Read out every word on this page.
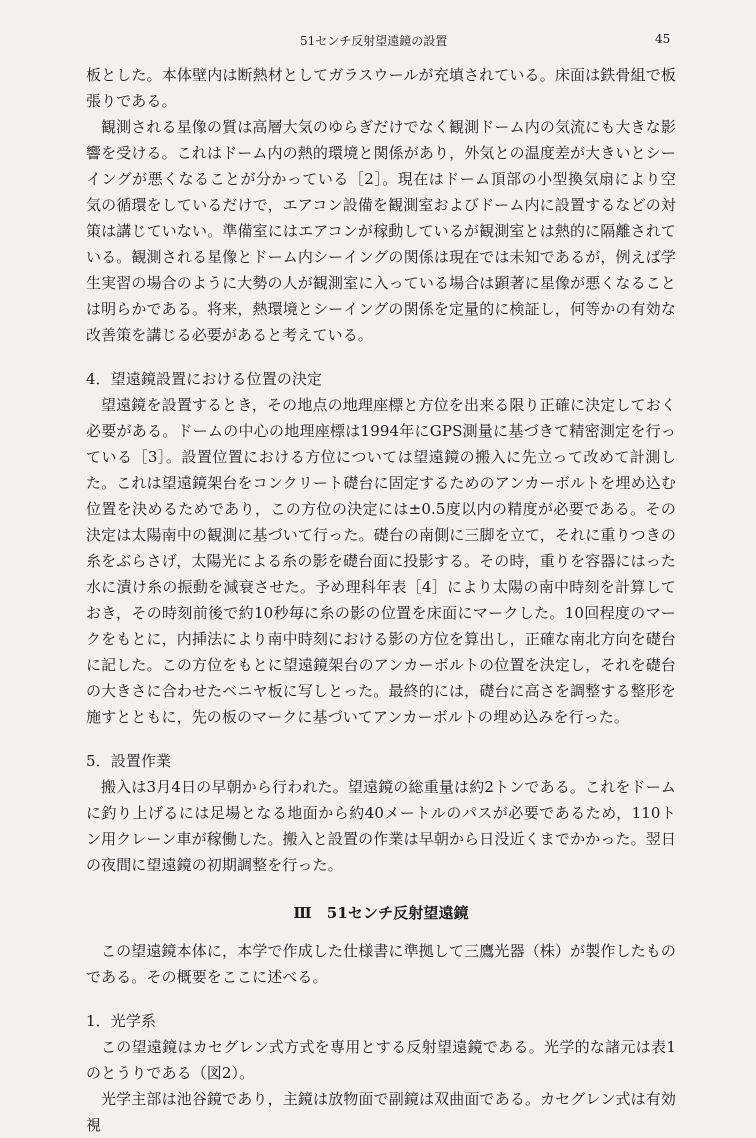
51センチ反射望遠鏡の設置	45

板とした。本体壁内は断熱材としてガラスウールが充填されている。床面は鉄骨組で板張りである。

観測される星像の質は高層大気のゆらぎだけでなく観測ドーム内の気流にも大きな影響を受ける。これはドーム内の熱的環境と関係があり，外気との温度差が大きいとシーイングが悪くなることが分かっている［2］。現在はドーム頂部の小型換気扇により空気の循環をしているだけで，エアコン設備を観測室およびドーム内に設置するなどの対策は講じていない。準備室にはエアコンが稼動しているが観測室とは熱的に隔離されている。観測される星像とドーム内シーイングの関係は現在では未知であるが，例えば学生実習の場合のように大勢の人が観測室に入っている場合は顕著に星像が悪くなることは明らかである。将来，熱環境とシーイングの関係を定量的に検証し，何等かの有効な改善策を講じる必要があると考えている。

4．望遠鏡設置における位置の決定

望遠鏡を設置するとき，その地点の地理座標と方位を出来る限り正確に決定しておく必要がある。ドームの中心の地理座標は1994年にGPS測量に基づきて精密測定を行っている［3］。設置位置における方位については望遠鏡の搬入に先立って改めて計測した。これは望遠鏡架台をコンクリート礎台に固定するためのアンカーボルトを埋め込む位置を決めるためであり，この方位の決定には±0.5度以内の精度が必要である。その決定は太陽南中の観測に基づいて行った。礎台の南側に三脚を立て，それに重りつきの糸をぶらさげ，太陽光による糸の影を礎台面に投影する。その時，重りを容器にはった水に漬け糸の振動を減衰させた。予め理科年表［4］により太陽の南中時刻を計算しておき，その時刻前後で約10秒毎に糸の影の位置を床面にマークした。10回程度のマークをもとに，内挿法により南中時刻における影の方位を算出し，正確な南北方向を礎台に記した。この方位をもとに望遠鏡架台のアンカーボルトの位置を決定し，それを礎台の大きさに合わせたベニヤ板に写しとった。最終的には，礎台に高さを調整する整形を施すとともに，先の板のマークに基づいてアンカーボルトの埋め込みを行った。

5．設置作業

搬入は3月4日の早朝から行われた。望遠鏡の総重量は約2トンである。これをドームに釣り上げるには足場となる地面から約40メートルのパスが必要であるため，110トン用クレーン車が稼働した。搬入と設置の作業は早朝から日没近くまでかかった。翌日の夜間に望遠鏡の初期調整を行った。

Ⅲ　51センチ反射望遠鏡

この望遠鏡本体に，本学で作成した仕様書に準拠して三鷹光器（株）が製作したものである。その概要をここに述べる。

1．光学系

この望遠鏡はカセグレン式方式を専用とする反射望遠鏡である。光学的な諸元は表1のとうりである（図2）。

光学主部は池谷鏡であり，主鏡は放物面で副鏡は双曲面である。カセグレン式は有効視
